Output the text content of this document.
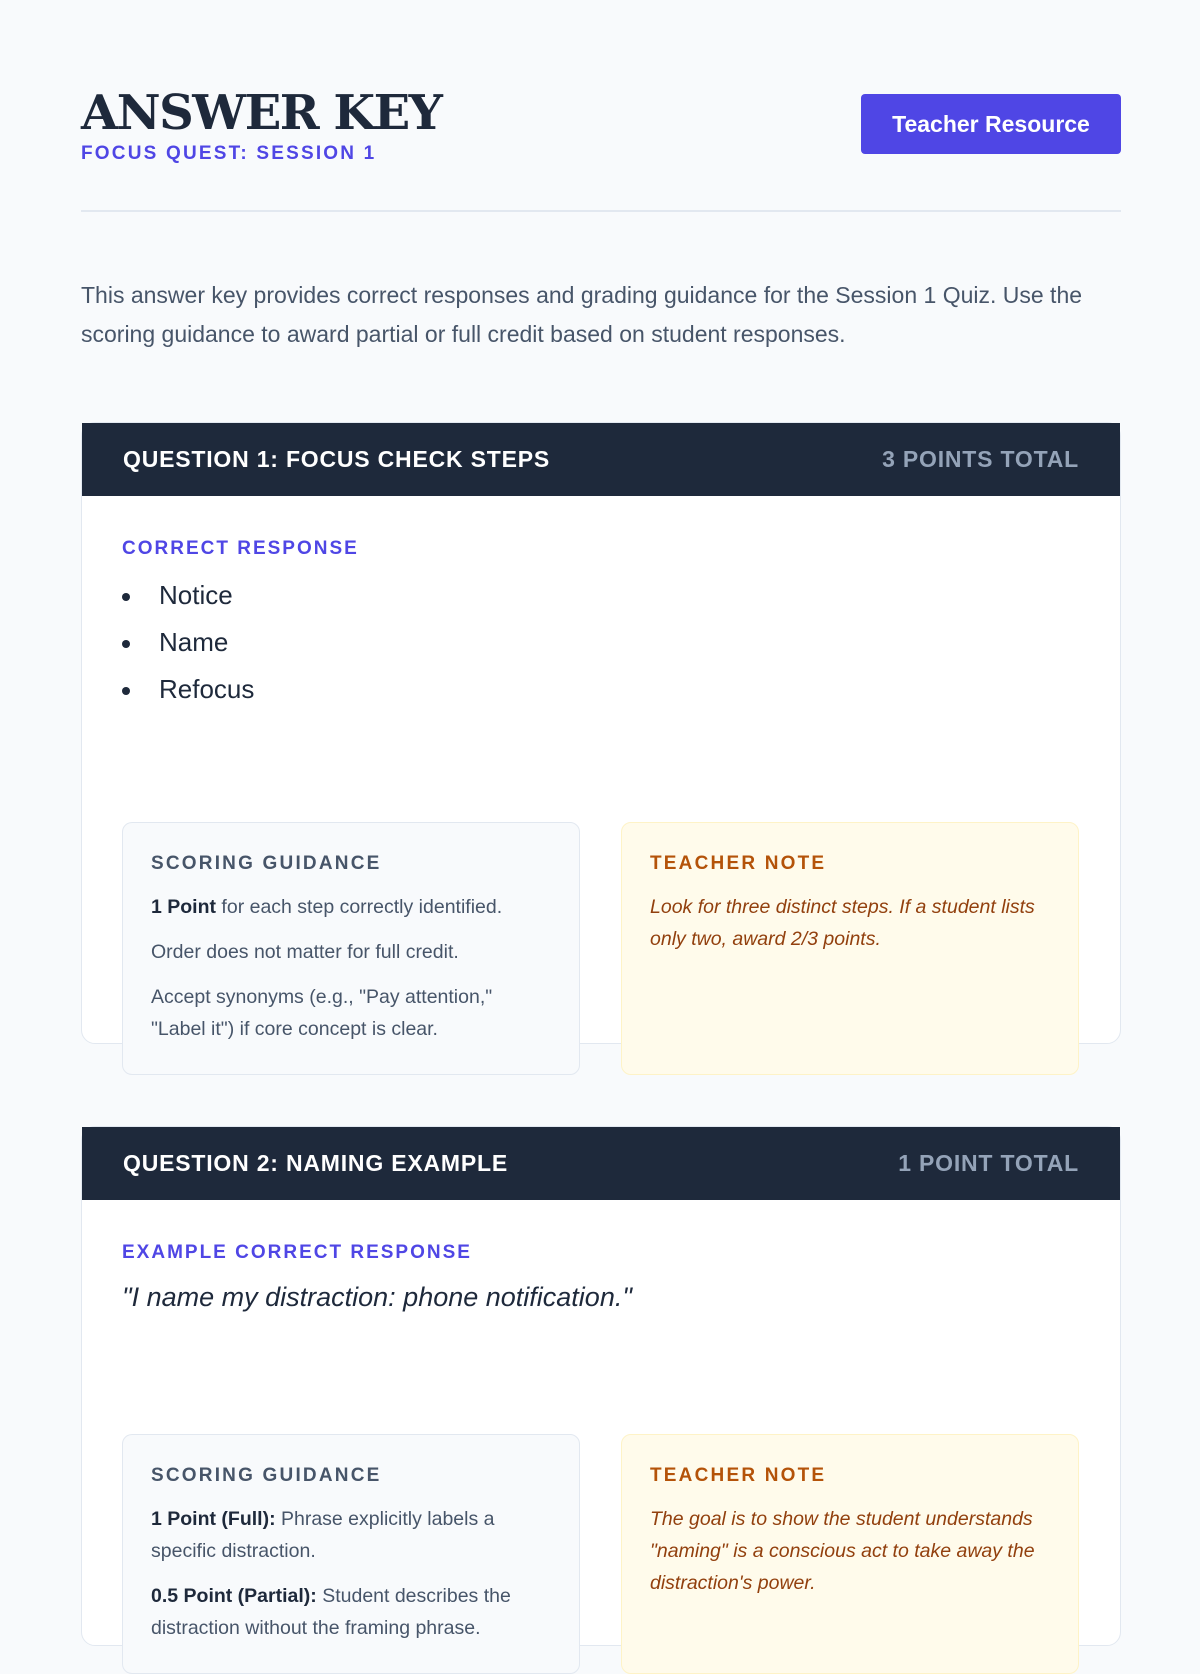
ANSWER KEY
FOCUS QUEST: SESSION 1
Teacher Resource

This answer key provides correct responses and grading guidance for the Session 1 Quiz. Use the scoring guidance to award partial or full credit based on student responses.

QUESTION 1: FOCUS CHECK STEPS	3 POINTS TOTAL
CORRECT RESPONSE
Notice
Name
Refocus
SCORING GUIDANCE

1 Point for each step correctly identified.

Order does not matter for full credit.

Accept synonyms (e.g., "Pay attention," "Label it") if core concept is clear.

TEACHER NOTE

Look for three distinct steps. If a student lists only two, award 2/3 points.

QUESTION 2: NAMING EXAMPLE	1 POINT TOTAL
EXAMPLE CORRECT RESPONSE
"I name my distraction: phone notification."
SCORING GUIDANCE

1 Point (Full): Phrase explicitly labels a specific distraction.

0.5 Point (Partial): Student describes the distraction without the framing phrase.

TEACHER NOTE

The goal is to show the student understands "naming" is a conscious act to take away the distraction's power.
